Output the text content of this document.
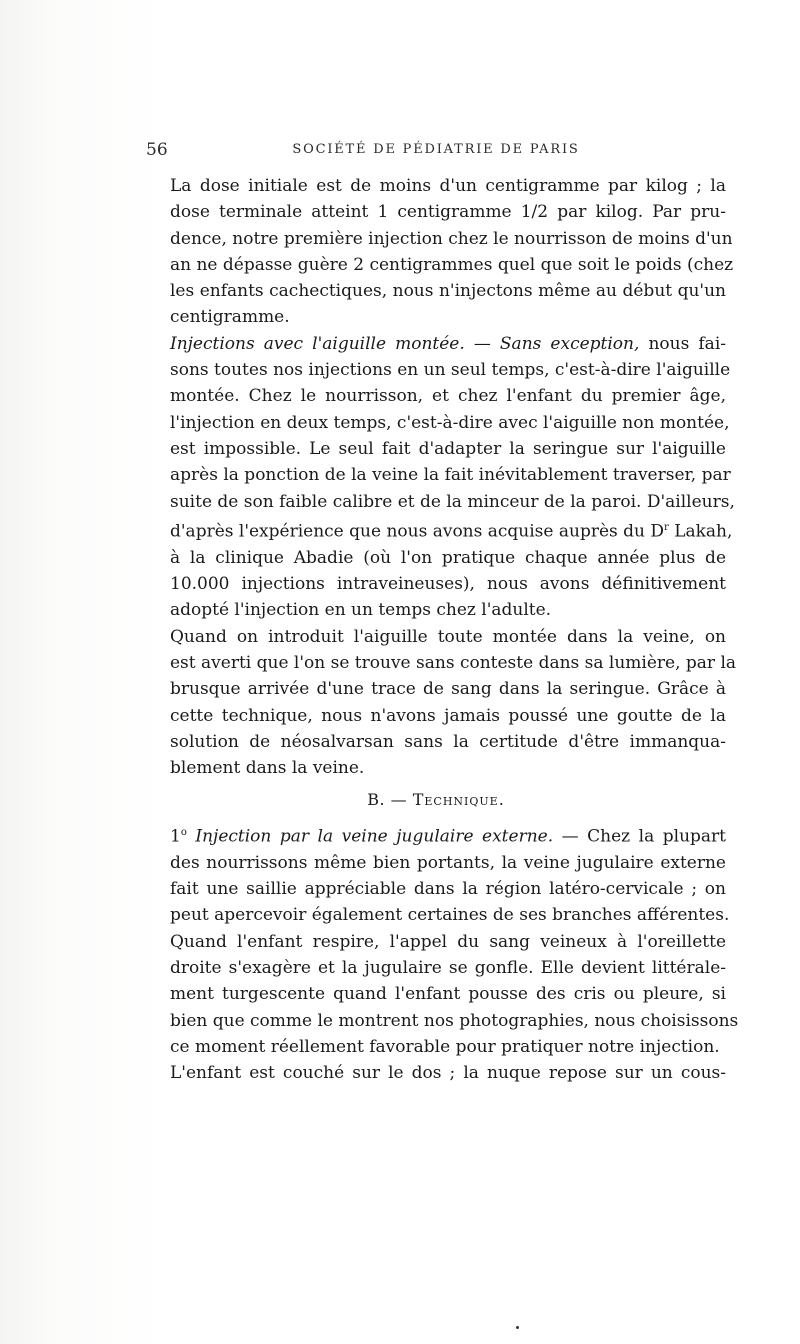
56	SOCIÉTÉ DE PÉDIATRIE DE PARIS

La dose initiale est de moins d'un centigramme par kilog ; la
dose terminale atteint 1 centigramme 1/2 par kilog. Par pru-
dence, notre première injection chez le nourrisson de moins d'un
an ne dépasse guère 2 centigrammes quel que soit le poids (chez
les enfants cachectiques, nous n'injectons même au début qu'un
centigramme.

Injections avec l'aiguille montée. — Sans exception, nous fai-
sons toutes nos injections en un seul temps, c'est-à-dire l'aiguille
montée. Chez le nourrisson, et chez l'enfant du premier âge,
l'injection en deux temps, c'est-à-dire avec l'aiguille non montée,
est impossible. Le seul fait d'adapter la seringue sur l'aiguille
après la ponction de la veine la fait inévitablement traverser, par
suite de son faible calibre et de la minceur de la paroi. D'ailleurs,
d'après l'expérience que nous avons acquise auprès du $D^r$ Lakah,
à la clinique Abadie (où l'on pratique chaque année plus de
10.000 injections intraveineuses), nous avons définitivement
adopté l'injection en un temps chez l'adulte.

Quand on introduit l'aiguille toute montée dans la veine, on
est averti que l'on se trouve sans conteste dans sa lumière, par la
brusque arrivée d'une trace de sang dans la seringue. Grâce à
cette technique, nous n'avons jamais poussé une goutte de la
solution de néosalvarsan sans la certitude d'être immanqua-
blement dans la veine.

B. — Technique.

1$^o$ Injection par la veine jugulaire externe. — Chez la plupart
des nourrissons même bien portants, la veine jugulaire externe
fait une saillie appréciable dans la région latéro-cervicale ; on
peut apercevoir également certaines de ses branches afférentes.

Quand l'enfant respire, l'appel du sang veineux à l'oreillette
droite s'exagère et la jugulaire se gonfle. Elle devient littérale-
ment turgescente quand l'enfant pousse des cris ou pleure, si
bien que comme le montrent nos photographies, nous choisissons
ce moment réellement favorable pour pratiquer notre injection.

L'enfant est couché sur le dos ; la nuque repose sur un cous-
